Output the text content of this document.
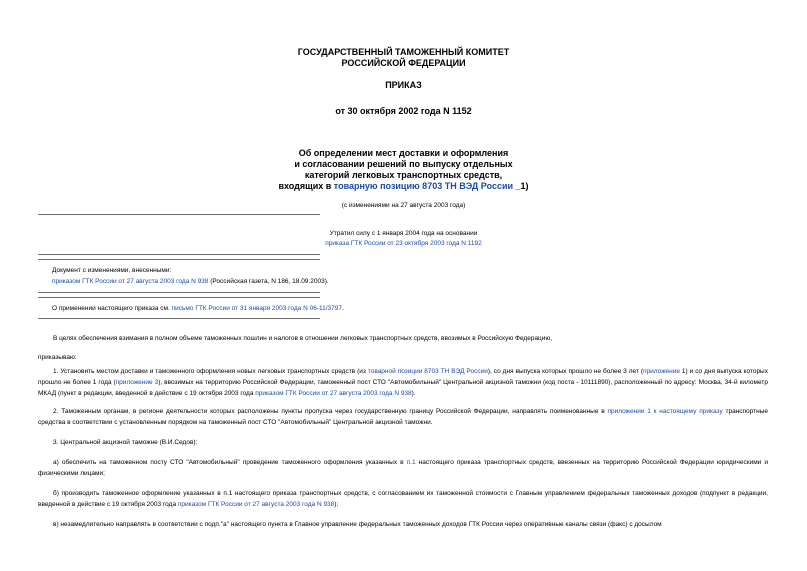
ГОСУДАРСТВЕННЫЙ ТАМОЖЕННЫЙ КОМИТЕТ
РОССИЙСКОЙ ФЕДЕРАЦИИ
ПРИКАЗ
от 30 октября 2002 года N 1152
Об определении мест доставки и оформления
и согласовании решений по выпуску отдельных
категорий легковых транспортных средств,
входящих в товарную позицию 8703 ТН ВЭД России _1)
(с изменениями на 27 августа 2003 года)
Утратил силу с 1 января 2004 года на основании
приказа ГТК России от 23 октября 2003 года N 1192
Документ с изменениями, внесенными:
приказом ГТК России от 27 августа 2003 года N 938 (Российская газета, N 186, 18.09.2003).
О применении настоящего приказа см. письмо ГТК России от 31 января 2003 года N 06-11/3797.
В целях обеспечения взимания в полном объеме таможенных пошлин и налогов в отношении легковых транспортных средств, ввозимых в Российскую Федерацию,
приказываю:
1. Установить местом доставки и таможенного оформления новых легковых транспортных средств (из товарной позиции 8703 ТН ВЭД России), со дня выпуска которых прошло не более 3 лет (приложение 1) и со дня выпуска которых прошло не более 1 года (приложение 3), ввозимых на территорию Российской Федерации, таможенный пост СТО "Автомобильный" Центральной акцизной таможни (код поста - 10111890), расположенный по адресу: Москва, 34-й километр МКАД (пункт в редакции, введенной в действие с 19 октября 2003 года приказом ГТК России от 27 августа 2003 года N 938).
2. Таможенным органам, в регионе деятельности которых расположены пункты пропуска через государственную границу Российской Федерации, направлять поименованные в приложении 1 к настоящему приказу транспортные средства в соответствии с установленным порядком на таможенный пост СТО "Автомобильный" Центральной акцизной таможни.
3. Центральной акцизной таможне (В.И.Седов):
а) обеспечить на таможенном посту СТО "Автомобильный" проведение таможенного оформления указанных в п.1 настоящего приказа транспортных средств, ввезенных на территорию Российской Федерации юридическими и физическими лицами;
б) производить таможенное оформление указанных в п.1 настоящего приказа транспортных средств, с согласованием их таможенной стоимости с Главным управлением федеральных таможенных доходов (подпункт в редакции, введенной в действие с 19 октября 2003 года приказом ГТК России от 27 августа 2003 года N 938);
в) незамедлительно направлять в соответствии с подп."а" настоящего пункта в Главное управление федеральных таможенных доходов ГТК России через оперативные каналы связи (факс) с досылом
